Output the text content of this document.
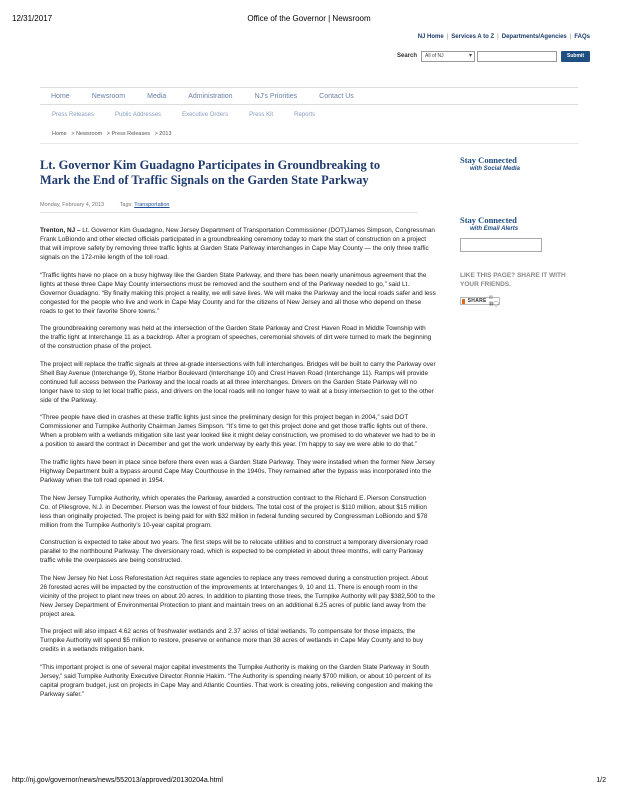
12/31/2017	Office of the Governor | Newsroom
NJ Home | Services A to Z | Departments/Agencies | FAQs
Search	All of NJ ▾	Submit
Home	Newsroom	Media	Administration	NJ's Priorities	Contact Us
Press Releases	Public Addresses	Executive Orders	Press Kit	Reports
Home > Newsroom > Press Releases > 2013
Lt. Governor Kim Guadagno Participates in Groundbreaking to Mark the End of Traffic Signals on the Garden State Parkway
Monday, February 4, 2013	Tags: Transportation

Trenton, NJ – Lt. Governor Kim Guadagno, New Jersey Department of Transportation Commissioner (DOT)James Simpson, Congressman Frank LoBiondo and other elected officials participated in a groundbreaking ceremony today to mark the start of construction on a project that will improve safety by removing three traffic lights at Garden State Parkway interchanges in Cape May County — the only three traffic signals on the 172-mile length of the toll road.

“Traffic lights have no place on a busy highway like the Garden State Parkway, and there has been nearly unanimous agreement that the lights at these three Cape May County intersections must be removed and the southern end of the Parkway needed to go,” said Lt. Governor Guadagno. “By finally making this project a reality, we will save lives. We will make the Parkway and the local roads safer and less congested for the people who live and work in Cape May County and for the citizens of New Jersey and all those who depend on these roads to get to their favorite Shore towns.”

The groundbreaking ceremony was held at the intersection of the Garden State Parkway and Crest Haven Road in Middle Township with the traffic light at Interchange 11 as a backdrop. After a program of speeches, ceremonial shovels of dirt were turned to mark the beginning of the construction phase of the project.

The project will replace the traffic signals at three at-grade intersections with full interchanges. Bridges will be built to carry the Parkway over Shell Bay Avenue (Interchange 9), Stone Harbor Boulevard (Interchange 10) and Crest Haven Road (Interchange 11). Ramps will provide continued full access between the Parkway and the local roads at all three interchanges. Drivers on the Garden State Parkway will no longer have to stop to let local traffic pass, and drivers on the local roads will no longer have to wait at a busy intersection to get to the other side of the Parkway.

“Three people have died in crashes at these traffic lights just since the preliminary design for this project began in 2004,” said DOT Commissioner and Turnpike Authority Chairman James Simpson. “It’s time to get this project done and get those traffic lights out of there. When a problem with a wetlands mitigation site last year looked like it might delay construction, we promised to do whatever we had to be in a position to award the contract in December and get the work underway by early this year. I’m happy to say we were able to do that.”

The traffic lights have been in place since before there even was a Garden State Parkway. They were installed when the former New Jersey Highway Department built a bypass around Cape May Courthouse in the 1940s. They remained after the bypass was incorporated into the Parkway when the toll road opened in 1954.

The New Jersey Turnpike Authority, which operates the Parkway, awarded a construction contract to the Richard E. Pierson Construction Co. of Pilesgrove, N.J. in December. Pierson was the lowest of four bidders. The total cost of the project is $110 million, about $15 million less than originally projected. The project is being paid for with $32 million in federal funding secured by Congressman LoBiondo and $78 million from the Turnpike Authority’s 10-year capital program.

Construction is expected to take about two years. The first steps will be to relocate utilities and to construct a temporary diversionary road parallel to the northbound Parkway. The diversionary road, which is expected to be completed in about three months, will carry Parkway traffic while the overpasses are being constructed.

The New Jersey No Net Loss Reforestation Act requires state agencies to replace any trees removed during a construction project. About 26 forested acres will be impacted by the construction of the improvements at Interchanges 9, 10 and 11. There is enough room in the vicinity of the project to plant new trees on about 20 acres. In addition to planting those trees, the Turnpike Authority will pay $382,500 to the New Jersey Department of Environmental Protection to plant and maintain trees on an additional 6.25 acres of public land away from the project area.

The project will also impact 4.62 acres of freshwater wetlands and 2.37 acres of tidal wetlands. To compensate for those impacts, the Turnpike Authority will spend $5 million to restore, preserve or enhance more than 38 acres of wetlands in Cape May County and to buy credits in a wetlands mitigation bank.

“This important project is one of several major capital investments the Turnpike Authority is making on the Garden State Parkway in South Jersey,” said Turnpike Authority Executive Director Ronnie Hakim. “The Authority is spending nearly $700 million, or about 10 percent of its capital program budget, just on projects in Cape May and Atlantic Counties. That work is creating jobs, relieving congestion and making the Parkway safer.”

Stay Connected
with Social Media
Stay Connected
with Email Alerts
LIKE THIS PAGE? SHARE IT WITH YOUR FRIENDS.
SHARE ✉▦◯
http://nj.gov/governor/news/news/552013/approved/20130204a.html	1/2
